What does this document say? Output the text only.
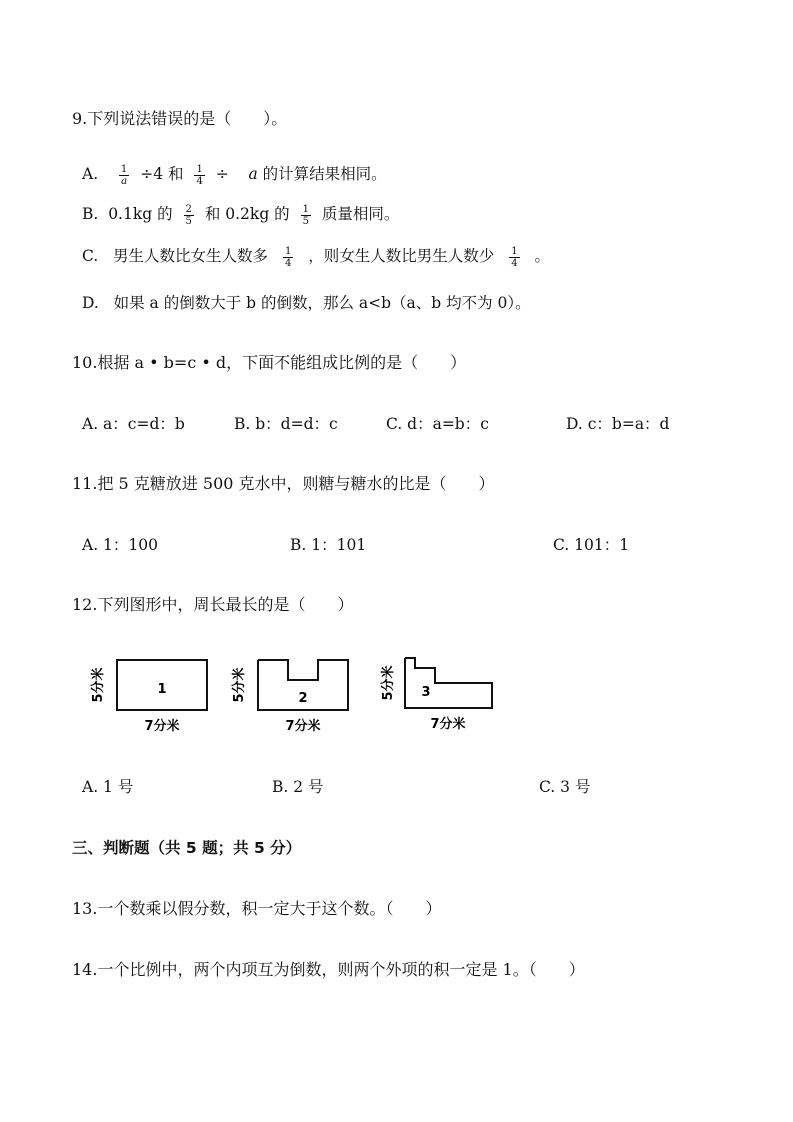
9.下列说法错误的是（　　）。
A. $\frac{1}{a} \div 4$ 和 $\frac{1}{4} \div a$ 的计算结果相同。
B. 0.1kg 的 $\frac{2}{5}$ 和 0.2kg 的 $\frac{1}{5}$ 质量相同。
C. 男生人数比女生人数多 $\frac{1}{4}$ ，则女生人数比男生人数少 $\frac{1}{4}$ 。
D. 如果 a 的倒数大于 b 的倒数，那么 a<b（a、b 均不为 0）。
10.根据 a • b=c • d，下面不能组成比例的是（　　）
A. a：c=d：b	B. b：d=d：c	C. d：a=b：c	D. c：b=a：d
11.把 5 克糖放进 500 克水中，则糖与糖水的比是（　　）
A. 1：100	B. 1：101	C. 101：1
12.下列图形中，周长最长的是（　　）
1
5分米
7分米
2
5分米
7分米
3
5分米
7分米
A. 1 号	B. 2 号	C. 3 号
三、判断题（共 5 题；共 5 分）
13.一个数乘以假分数，积一定大于这个数。（　　）
14.一个比例中，两个内项互为倒数，则两个外项的积一定是 1。（　　）
